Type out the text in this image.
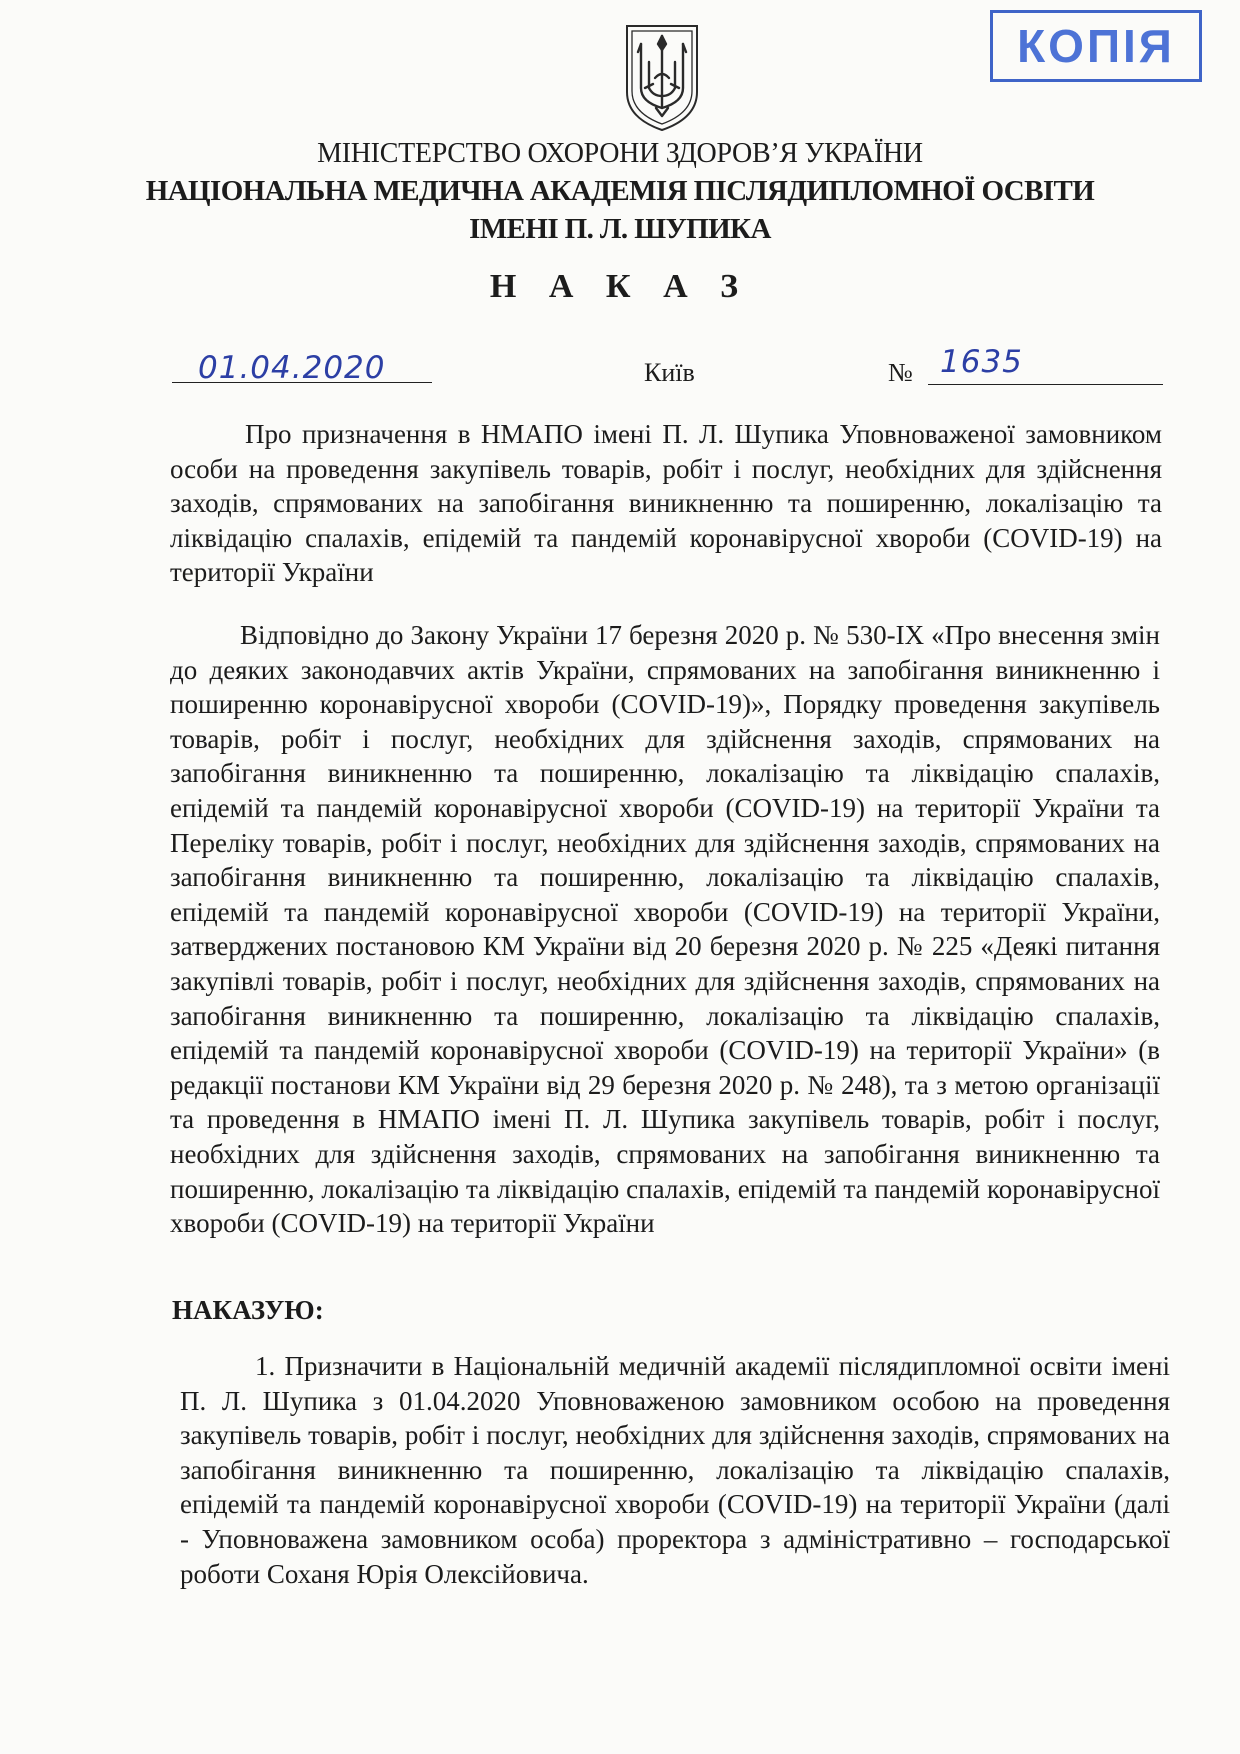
КОПІЯ
МІНІСТЕРСТВО ОХОРОНИ ЗДОРОВ’Я УКРАЇНИ
НАЦІОНАЛЬНА МЕДИЧНА АКАДЕМІЯ ПІСЛЯДИПЛОМНОЇ ОСВІТИ
ІМЕНІ П. Л. ШУПИКА
Н А К А З
01.04.2020	Київ	№ 1635
Про призначення в НМАПО імені П. Л. Шупика Уповноваженої замовником особи на проведення закупівель товарів, робіт і послуг, необхідних для здійснення заходів, спрямованих на запобігання виникненню та поширенню, локалізацію та ліквідацію спалахів, епідемій та пандемій коронавірусної хвороби (COVID-19) на території України
Відповідно до Закону України 17 березня 2020 р. № 530-IX «Про внесення змін до деяких законодавчих актів України, спрямованих на запобігання виникненню і поширенню коронавірусної хвороби (COVID-19)», Порядку проведення закупівель товарів, робіт і послуг, необхідних для здійснення заходів, спрямованих на запобігання виникненню та поширенню, локалізацію та ліквідацію спалахів, епідемій та пандемій коронавірусної хвороби (COVID-19) на території України та Переліку товарів, робіт і послуг, необхідних для здійснення заходів, спрямованих на запобігання виникненню та поширенню, локалізацію та ліквідацію спалахів, епідемій та пандемій коронавірусної хвороби (COVID-19) на території України, затверджених постановою КМ України від 20 березня 2020 р. № 225 «Деякі питання закупівлі товарів, робіт і послуг, необхідних для здійснення заходів, спрямованих на запобігання виникненню та поширенню, локалізацію та ліквідацію спалахів, епідемій та пандемій коронавірусної хвороби (COVID-19) на території України» (в редакції постанови КМ України від 29 березня 2020 р. № 248), та з метою організації та проведення в НМАПО імені П. Л. Шупика закупівель товарів, робіт і послуг, необхідних для здійснення заходів, спрямованих на запобігання виникненню та поширенню, локалізацію та ліквідацію спалахів, епідемій та пандемій коронавірусної хвороби (COVID-19) на території України
НАКАЗУЮ:
1. Призначити в Національній медичній академії післядипломної освіти імені П. Л. Шупика з 01.04.2020 Уповноваженою замовником особою на проведення закупівель товарів, робіт і послуг, необхідних для здійснення заходів, спрямованих на запобігання виникненню та поширенню, локалізацію та ліквідацію спалахів, епідемій та пандемій коронавірусної хвороби (COVID-19) на території України (далі - Уповноважена замовником особа) проректора з адміністративно – господарської роботи Соханя Юрія Олексійовича.
